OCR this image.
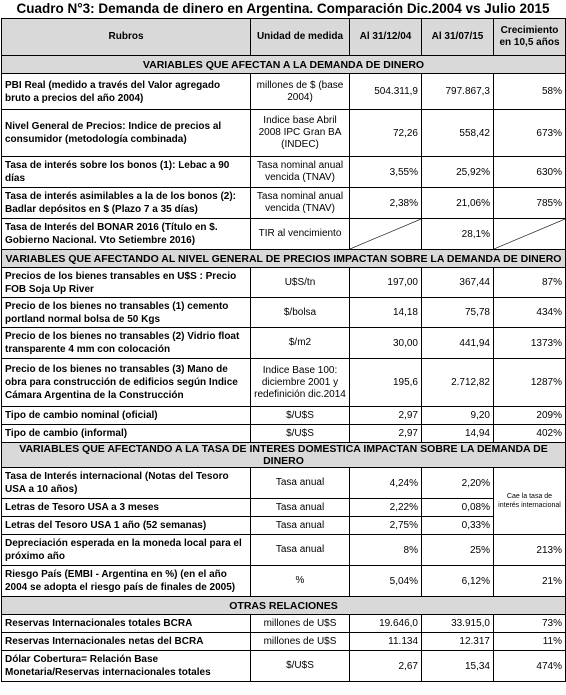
Cuadro N°3: Demanda de dinero en Argentina. Comparación Dic.2004 vs Julio 2015
Rubros	Unidad de medida	Al 31/12/04	Al 31/07/15	Crecimiento en 10,5 años
VARIABLES QUE AFECTAN A LA DEMANDA DE DINERO				
PBI Real (medido a través del Valor agregado bruto a precios del año 2004)	millones de $ (base 2004)	504.311,9	797.867,3	58%
Nivel General de Precios: Indice de precios al consumidor (metodología combinada)	Indice base Abril 2008 IPC Gran BA (INDEC)	72,26	558,42	673%
Tasa de interés sobre los bonos (1): Lebac a 90 días	Tasa nominal anual vencida (TNAV)	3,55%	25,92%	630%
Tasa de interés asimilables a la de los bonos (2): Badlar depósitos en $ (Plazo 7 a 35 días)	Tasa nominal anual vencida (TNAV)	2,38%	21,06%	785%
Tasa de Interés del BONAR 2016 (Título en $. Gobierno Nacional. Vto Setiembre 2016)	TIR al vencimiento		28,1%	

VARIABLES QUE AFECTANDO AL NIVEL GENERAL DE PRECIOS IMPACTAN SOBRE LA DEMANDA DE DINERO				
Precios de los bienes transables en U$S : Precio FOB Soja Up River	U$S/tn	197,00	367,44	87%
Precio de los bienes no transables (1) cemento portland normal bolsa de 50 Kgs	$/bolsa	14,18	75,78	434%
Precio de los bienes no transables (2) Vidrio float transparente 4 mm con colocación	$/m2	30,00	441,94	1373%
Precio de los bienes no transables (3) Mano de obra para construcción de edificios según Indice Cámara Argentina de la Construcción	Indice Base 100: diciembre 2001 y redefinición dic.2014	195,6	2.712,82	1287%
Tipo de cambio nominal (oficial)	$/U$S	2,97	9,20	209%
Tipo de cambio (informal)	$/U$S	2,97	14,94	402%
VARIABLES QUE AFECTANDO A LA TASA DE INTERES DOMESTICA IMPACTAN SOBRE LA DEMANDA DE DINERO				
Tasa de Interés internacional (Notas del Tesoro USA a 10 años)	Tasa anual	4,24%	2,20%	Cae la tasa de interés internacional
Letras de Tesoro USA a 3 meses	Tasa anual	2,22%	0,08%	
Letras del Tesoro USA 1 año (52 semanas)	Tasa anual	2,75%	0,33%	
Depreciación esperada en la moneda local para el próximo año	Tasa anual	8%	25%	213%
Riesgo País (EMBI - Argentina en %) (en el año 2004 se adopta el riesgo país de finales de 2005)	%	5,04%	6,12%	21%
OTRAS RELACIONES				
Reservas Internacionales totales BCRA	millones de U$S	19.646,0	33.915,0	73%
Reservas Internacionales netas del BCRA	millones de U$S	11.134	12.317	11%
Dólar Cobertura= Relación Base Monetaria/Reservas internacionales totales	$/U$S	2,67	15,34	474%
